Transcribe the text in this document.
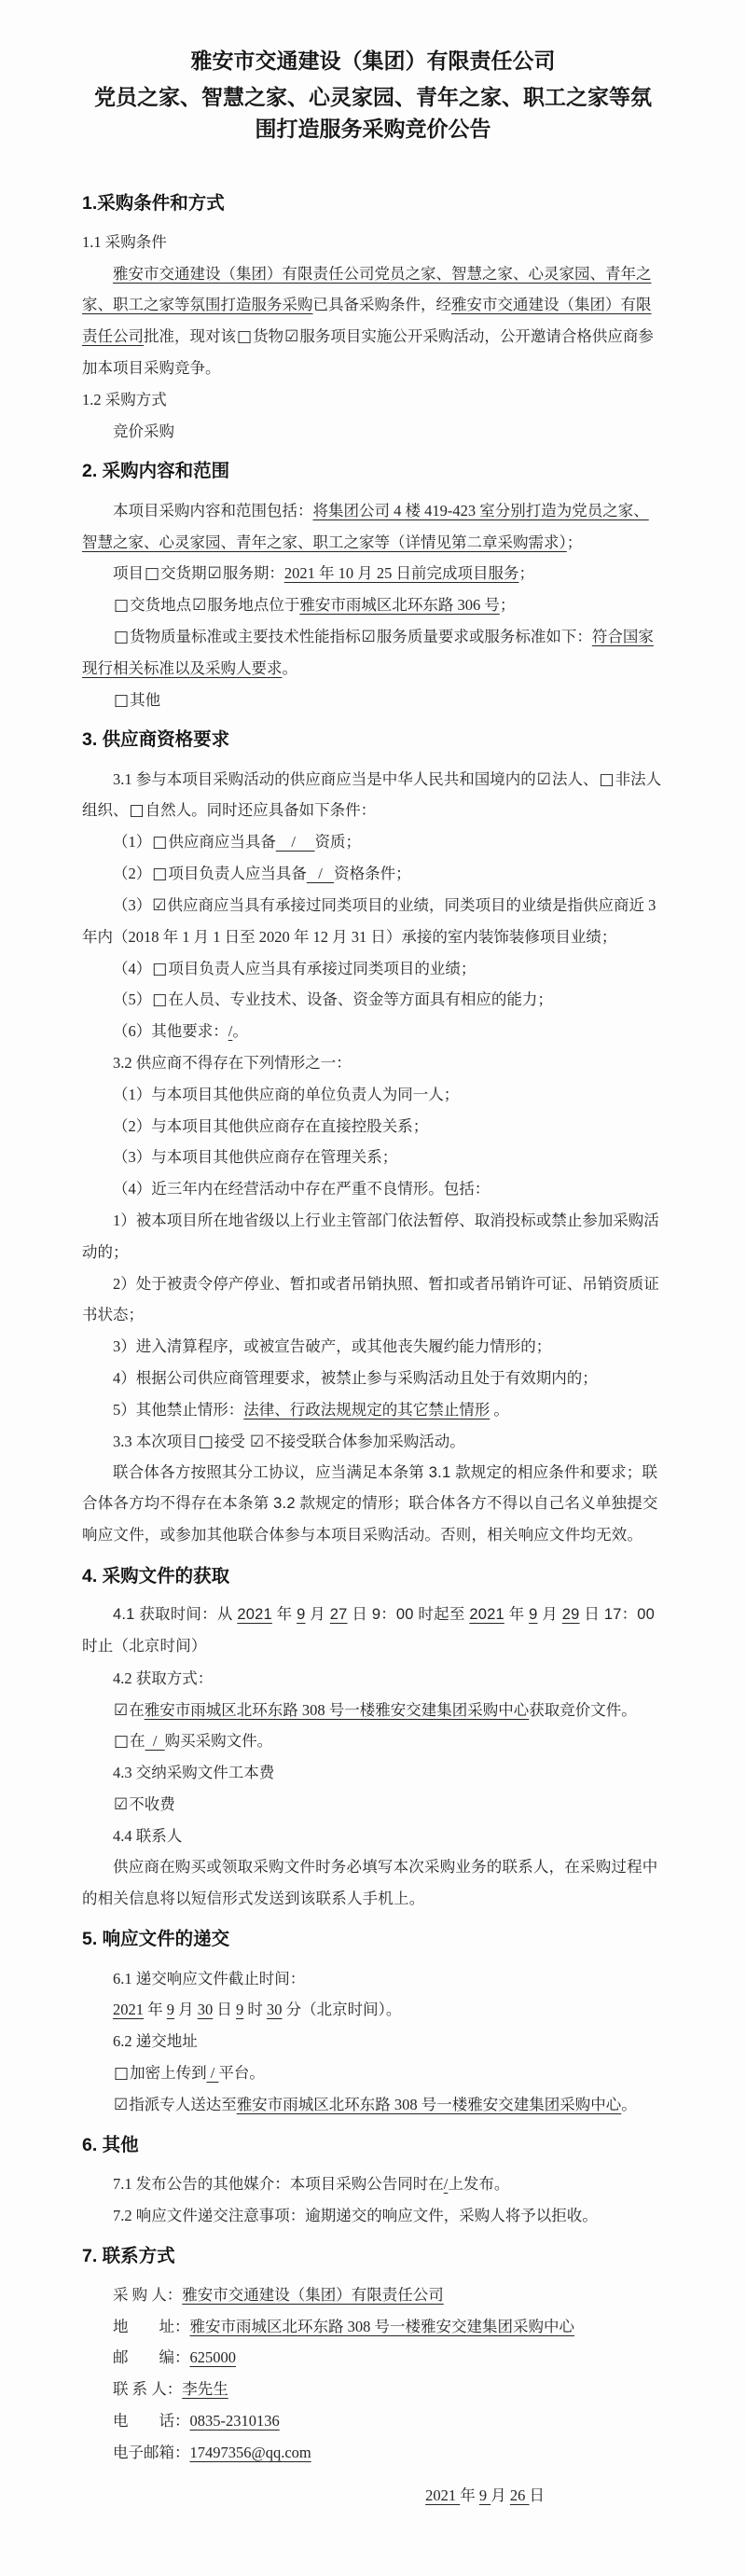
雅安市交通建设（集团）有限责任公司
党员之家、智慧之家、心灵家园、青年之家、职工之家等氛围打造服务采购竞价公告
1.采购条件和方式

1.1 采购条件

雅安市交通建设（集团）有限责任公司党员之家、智慧之家、心灵家园、青年之家、职工之家等氛围打造服务采购已具备采购条件，经雅安市交通建设（集团）有限责任公司批准，现对该□货物☑服务项目实施公开采购活动，公开邀请合格供应商参加本项目采购竞争。

1.2 采购方式

竞价采购

2. 采购内容和范围

本项目采购内容和范围包括：将集团公司 4 楼 419-423 室分别打造为党员之家、智慧之家、心灵家园、青年之家、职工之家等（详情见第二章采购需求）；

项目□交货期☑服务期：2021 年 10 月 25 日前完成项目服务；

□交货地点☑服务地点位于雅安市雨城区北环东路 306 号；

□货物质量标准或主要技术性能指标☑服务质量要求或服务标准如下：符合国家现行相关标准以及采购人要求。

□其他

3. 供应商资格要求

3.1 参与本项目采购活动的供应商应当是中华人民共和国境内的☑法人、□非法人组织、□自然人。同时还应具备如下条件：

（1）□供应商应当具备    /     资质；

（2）□项目负责人应当具备   /   资格条件；

（3）☑供应商应当具有承接过同类项目的业绩，同类项目的业绩是指供应商近 3 年内（2018 年 1 月 1 日至 2020 年 12 月 31 日）承接的室内装饰装修项目业绩；

（4）□项目负责人应当具有承接过同类项目的业绩；

（5）□在人员、专业技术、设备、资金等方面具有相应的能力；

（6）其他要求：/。

3.2 供应商不得存在下列情形之一：

（1）与本项目其他供应商的单位负责人为同一人；

（2）与本项目其他供应商存在直接控股关系；

（3）与本项目其他供应商存在管理关系；

（4）近三年内在经营活动中存在严重不良情形。包括：

1）被本项目所在地省级以上行业主管部门依法暂停、取消投标或禁止参加采购活动的；

2）处于被责令停产停业、暂扣或者吊销执照、暂扣或者吊销许可证、吊销资质证书状态；

3）进入清算程序，或被宣告破产，或其他丧失履约能力情形的；

4）根据公司供应商管理要求，被禁止参与采购活动且处于有效期内的；

5）其他禁止情形：法律、行政法规规定的其它禁止情形 。

3.3 本次项目□接受 ☑不接受联合体参加采购活动。

联合体各方按照其分工协议，应当满足本条第 3.1 款规定的相应条件和要求；联合体各方均不得存在本条第 3.2 款规定的情形；联合体各方不得以自己名义单独提交响应文件，或参加其他联合体参与本项目采购活动。否则，相关响应文件均无效。

4. 采购文件的获取

4.1 获取时间：从 2021 年 9 月 27 日 9：00 时起至 2021 年 9 月 29 日 17：00 时止（北京时间）

4.2 获取方式：

☑在雅安市雨城区北环东路 308 号一楼雅安交建集团采购中心获取竞价文件。

□在  /  购买采购文件。

4.3 交纳采购文件工本费

☑不收费

4.4 联系人

供应商在购买或领取采购文件时务必填写本次采购业务的联系人，在采购过程中的相关信息将以短信形式发送到该联系人手机上。

5. 响应文件的递交

6.1 递交响应文件截止时间：

2021 年 9 月 30 日 9 时 30 分（北京时间）。

6.2 递交地址

□加密上传到 / 平台。

☑指派专人送达至雅安市雨城区北环东路 308 号一楼雅安交建集团采购中心。

6. 其他

7.1 发布公告的其他媒介：本项目采购公告同时在/上发布。

7.2 响应文件递交注意事项：逾期递交的响应文件，采购人将予以拒收。

7. 联系方式

采 购 人：雅安市交通建设（集团）有限责任公司

地　　址：雅安市雨城区北环东路 308 号一楼雅安交建集团采购中心

邮　　编：625000

联 系 人：李先生

电　　话：0835-2310136

电子邮箱：17497356@qq.com

2021 年 9 月 26 日
